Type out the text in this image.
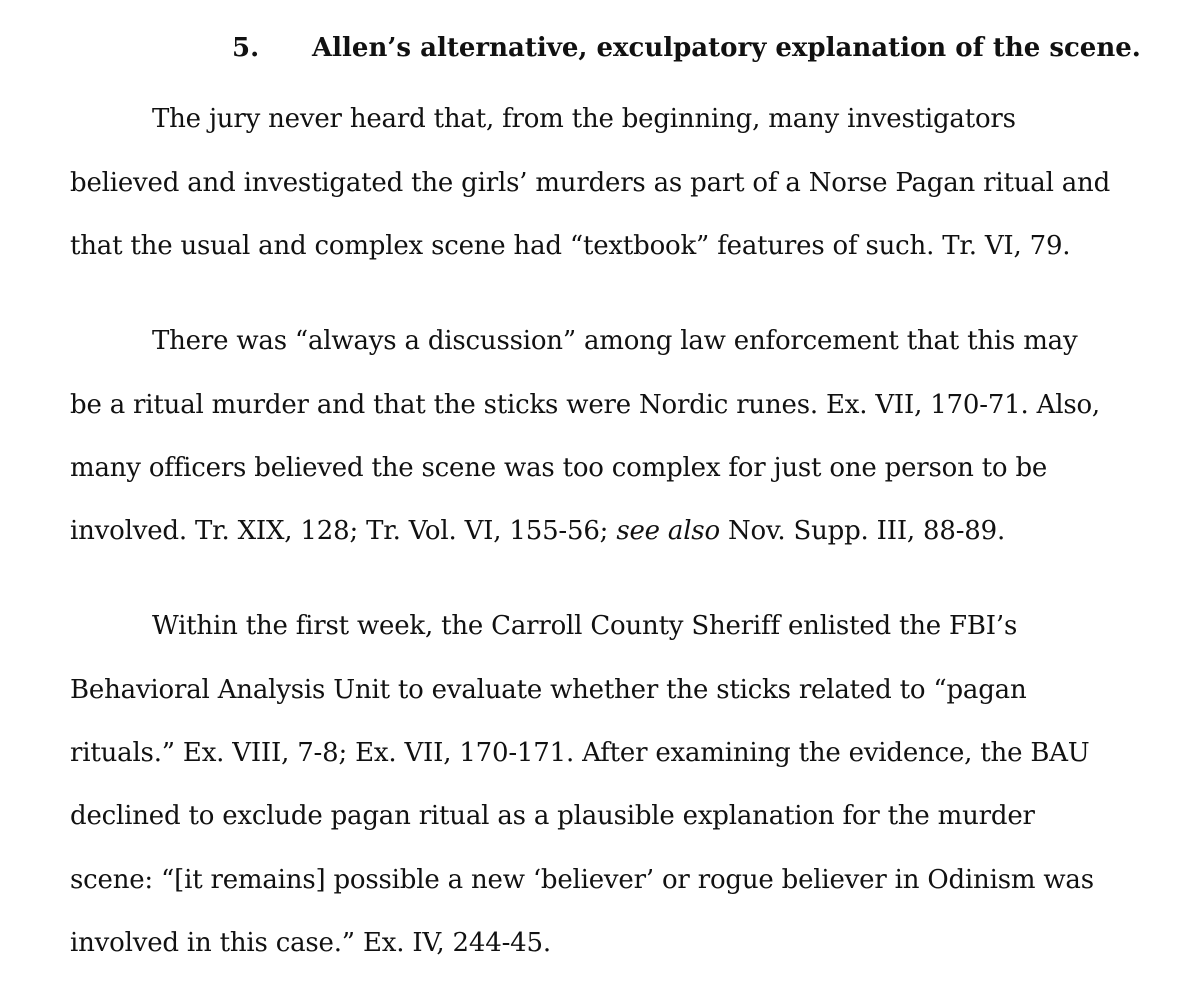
5. Allen’s alternative, exculpatory explanation of the scene.
The jury never heard that, from the beginning, many investigators
believed and investigated the girls’ murders as part of a Norse Pagan ritual and
that the usual and complex scene had “textbook” features of such. Tr. VI, 79.
There was “always a discussion” among law enforcement that this may
be a ritual murder and that the sticks were Nordic runes. Ex. VII, 170-71. Also,
many officers believed the scene was too complex for just one person to be
involved. Tr. XIX, 128; Tr. Vol. VI, 155-56; see also Nov. Supp. III, 88-89.
Within the first week, the Carroll County Sheriff enlisted the FBI’s
Behavioral Analysis Unit to evaluate whether the sticks related to “pagan
rituals.” Ex. VIII, 7-8; Ex. VII, 170-171. After examining the evidence, the BAU
declined to exclude pagan ritual as a plausible explanation for the murder
scene: “[it remains] possible a new ‘believer’ or rogue believer in Odinism was
involved in this case.” Ex. IV, 244-45.
